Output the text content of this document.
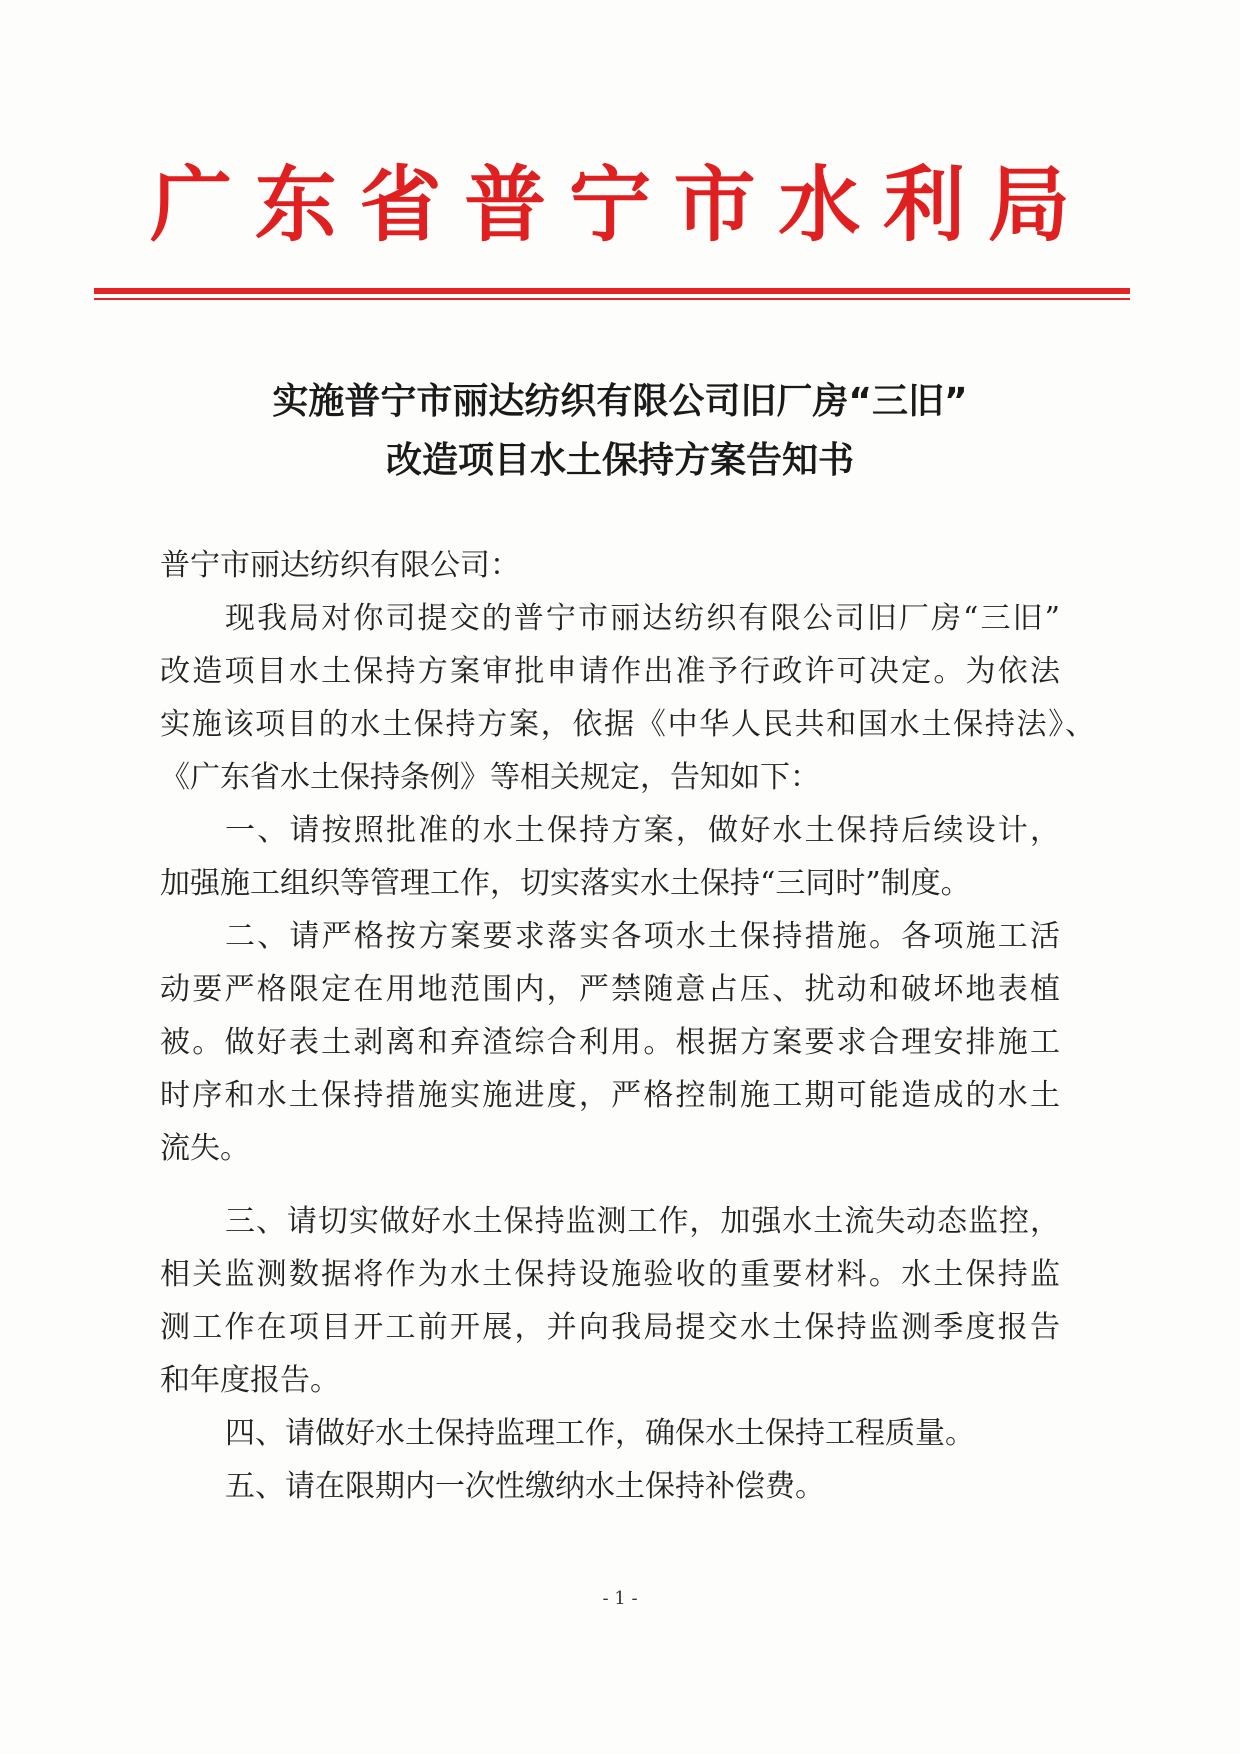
广 东 省 普 宁 市 水 利 局
实施普宁市丽达纺织有限公司旧厂房“三旧”
改造项目水土保持方案告知书
普宁市丽达纺织有限公司：
现我局对你司提交的普宁市丽达纺织有限公司旧厂房“三旧”
改造项目水土保持方案审批申请作出准予行政许可决定。为依法
实施该项目的水土保持方案，依据《中华人民共和国水土保持法》、
《广东省水土保持条例》等相关规定，告知如下：
一、请按照批准的水土保持方案，做好水土保持后续设计，
加强施工组织等管理工作，切实落实水土保持“三同时”制度。
二、请严格按方案要求落实各项水土保持措施。各项施工活
动要严格限定在用地范围内，严禁随意占压、扰动和破坏地表植
被。做好表土剥离和弃渣综合利用。根据方案要求合理安排施工
时序和水土保持措施实施进度，严格控制施工期可能造成的水土
流失。
三、请切实做好水土保持监测工作，加强水土流失动态监控，
相关监测数据将作为水土保持设施验收的重要材料。水土保持监
测工作在项目开工前开展，并向我局提交水土保持监测季度报告
和年度报告。
四、请做好水土保持监理工作，确保水土保持工程质量。
五、请在限期内一次性缴纳水土保持补偿费。
- 1 -
